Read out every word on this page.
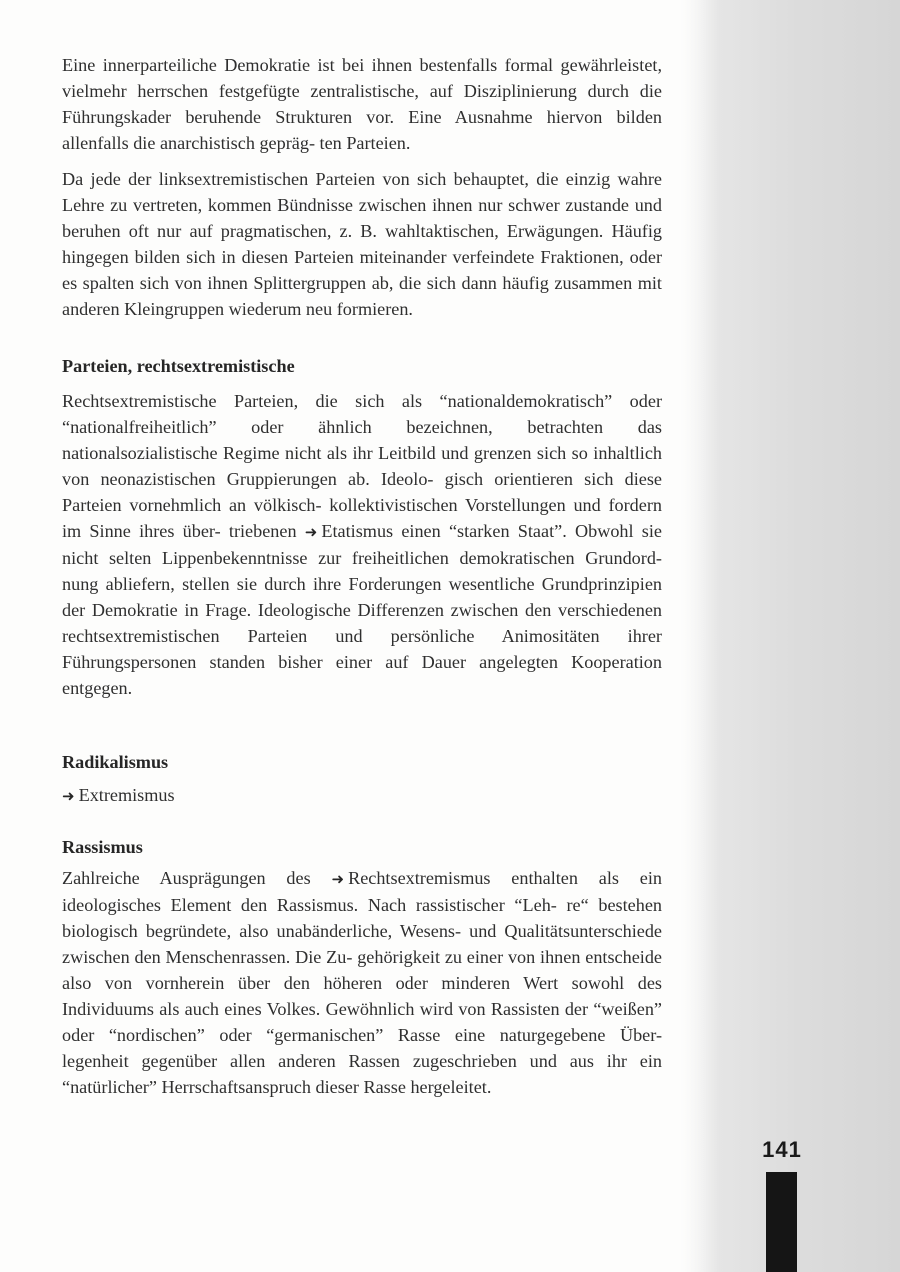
Eine innerparteiliche Demokratie ist bei ihnen bestenfalls formal gewährleistet, vielmehr herrschen festgefügte zentralistische, auf Disziplinierung durch die Führungskader beruhende Strukturen vor. Eine Ausnahme hiervon bilden allenfalls die anarchistisch gepräg- ten Parteien.

Da jede der linksextremistischen Parteien von sich behauptet, die einzig wahre Lehre zu vertreten, kommen Bündnisse zwischen ihnen nur schwer zustande und beruhen oft nur auf pragmatischen, z. B. wahltaktischen, Erwägungen. Häufig hingegen bilden sich in diesen Parteien miteinander verfeindete Fraktionen, oder es spalten sich von ihnen Splittergruppen ab, die sich dann häufig zusammen mit anderen Kleingruppen wiederum neu formieren.

Parteien, rechtsextremistische

Rechtsextremistische Parteien, die sich als “nationaldemokratisch” oder “nationalfreiheitlich” oder ähnlich bezeichnen, betrachten das nationalsozialistische Regime nicht als ihr Leitbild und grenzen sich so inhaltlich von neonazistischen Gruppierungen ab. Ideolo- gisch orientieren sich diese Parteien vornehmlich an völkisch- kollektivistischen Vorstellungen und fordern im Sinne ihres über- triebenen ➜ Etatismus einen “starken Staat”. Obwohl sie nicht selten Lippenbekenntnisse zur freiheitlichen demokratischen Grundord- nung abliefern, stellen sie durch ihre Forderungen wesentliche Grundprinzipien der Demokratie in Frage. Ideologische Differenzen zwischen den verschiedenen rechtsextremistischen Parteien und persönliche Animositäten ihrer Führungspersonen standen bisher einer auf Dauer angelegten Kooperation entgegen.

Radikalismus

➜ Extremismus

Rassismus

Zahlreiche Ausprägungen des ➜ Rechtsextremismus enthalten als ein ideologisches Element den Rassismus. Nach rassistischer “Leh- re“ bestehen biologisch begründete, also unabänderliche, Wesens- und Qualitätsunterschiede zwischen den Menschenrassen. Die Zu- gehörigkeit zu einer von ihnen entscheide also von vornherein über den höheren oder minderen Wert sowohl des Individuums als auch eines Volkes. Gewöhnlich wird von Rassisten der “weißen” oder “nordischen” oder “germanischen” Rasse eine naturgegebene Über- legenheit gegenüber allen anderen Rassen zugeschrieben und aus ihr ein “natürlicher” Herrschaftsanspruch dieser Rasse hergeleitet.

141
